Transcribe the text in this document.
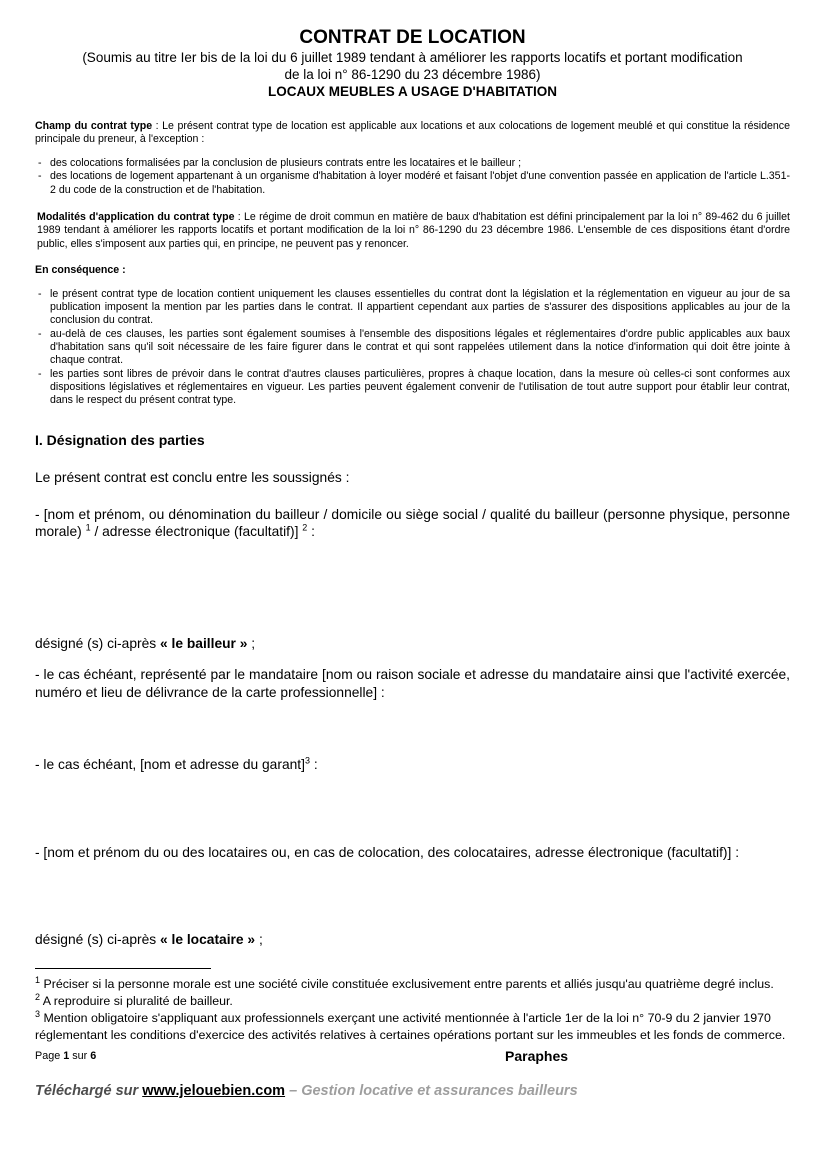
CONTRAT DE LOCATION
(Soumis au titre Ier bis de la loi du 6 juillet 1989 tendant à améliorer les rapports locatifs et portant modification
de la loi n° 86-1290 du 23 décembre 1986)
LOCAUX MEUBLES A USAGE D'HABITATION

Champ du contrat type : Le présent contrat type de location est applicable aux locations et aux colocations de logement meublé et qui constitue la résidence principale du preneur, à l'exception :

- des colocations formalisées par la conclusion de plusieurs contrats entre les locataires et le bailleur ;
- des locations de logement appartenant à un organisme d'habitation à loyer modéré et faisant l'objet d'une convention passée en application de l'article L.351-2 du code de la construction et de l'habitation.

Modalités d'application du contrat type : Le régime de droit commun en matière de baux d'habitation est défini principalement par la loi n° 89-462 du 6 juillet 1989 tendant à améliorer les rapports locatifs et portant modification de la loi n° 86-1290 du 23 décembre 1986. L'ensemble de ces dispositions étant d'ordre public, elles s'imposent aux parties qui, en principe, ne peuvent pas y renoncer.

En conséquence :

- le présent contrat type de location contient uniquement les clauses essentielles du contrat dont la législation et la réglementation en vigueur au jour de sa publication imposent la mention par les parties dans le contrat. Il appartient cependant aux parties de s'assurer des dispositions applicables au jour de la conclusion du contrat.
- au-delà de ces clauses, les parties sont également soumises à l'ensemble des dispositions légales et réglementaires d'ordre public applicables aux baux d'habitation sans qu'il soit nécessaire de les faire figurer dans le contrat et qui sont rappelées utilement dans la notice d'information qui doit être jointe à chaque contrat.
- les parties sont libres de prévoir dans le contrat d'autres clauses particulières, propres à chaque location, dans la mesure où celles-ci sont conformes aux dispositions législatives et réglementaires en vigueur. Les parties peuvent également convenir de l'utilisation de tout autre support pour établir leur contrat, dans le respect du présent contrat type.
I. Désignation des parties

Le présent contrat est conclu entre les soussignés :

- [nom et prénom, ou dénomination du bailleur / domicile ou siège social / qualité du bailleur (personne physique, personne morale) $^1$ / adresse électronique (facultatif)] $^2$ :

désigné (s) ci-après « le bailleur » ;

- le cas échéant, représenté par le mandataire [nom ou raison sociale et adresse du mandataire ainsi que l'activité exercée, numéro et lieu de délivrance de la carte professionnelle] :

- le cas échéant, [nom et adresse du garant]$^3$ :

- [nom et prénom du ou des locataires ou, en cas de colocation, des colocataires, adresse électronique (facultatif)] :

désigné (s) ci-après « le locataire » ;

$^1$ Préciser si la personne morale est une société civile constituée exclusivement entre parents et alliés jusqu'au quatrième degré inclus.
$^2$ A reproduire si pluralité de bailleur.
$^3$ Mention obligatoire s'appliquant aux professionnels exerçant une activité mentionnée à l'article 1er de la loi n° 70-9 du 2 janvier 1970 réglementant les conditions d'exercice des activités relatives à certaines opérations portant sur les immeubles et les fonds de commerce.
Page 1 sur 6	Paraphes
Téléchargé sur www.jelouebien.com – Gestion locative et assurances bailleurs
